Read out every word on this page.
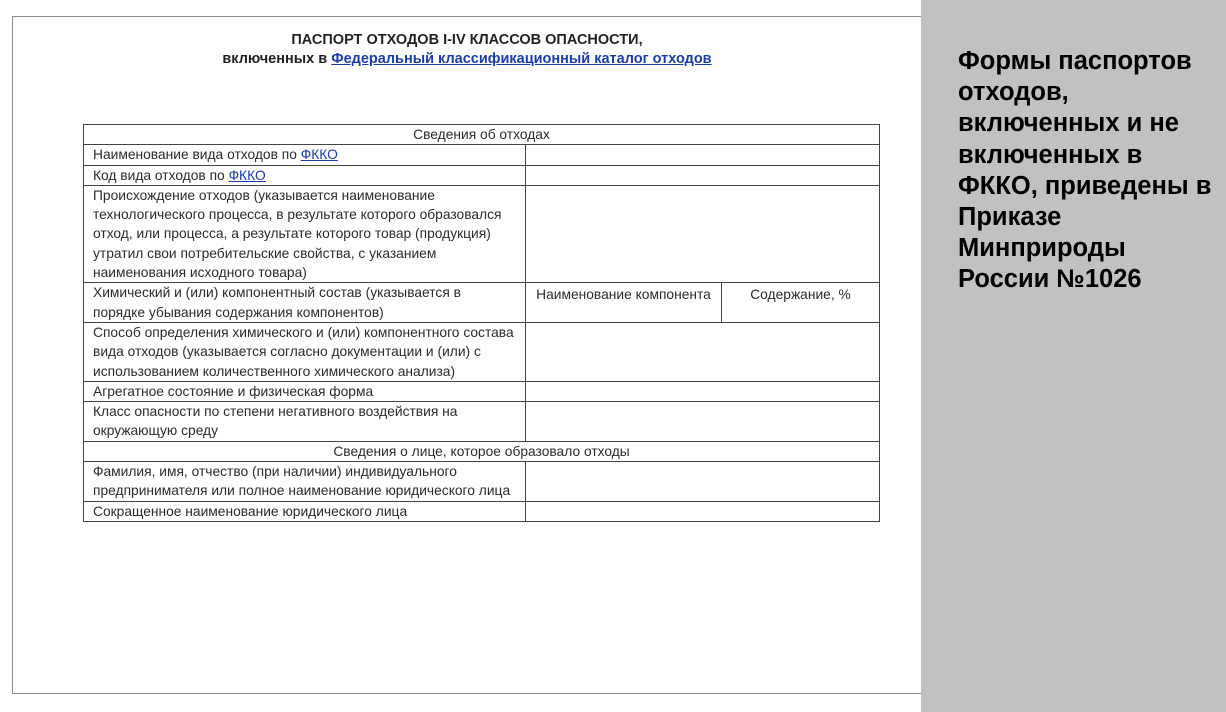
ПАСПОРТ ОТХОДОВ I-IV КЛАССОВ ОПАСНОСТИ,
включенных в Федеральный классификационный каталог отходов
Сведения об отходах		
Наименование вида отходов по ФККО		
Код вида отходов по ФККО		
Происхождение отходов (указывается наименование технологического процесса, в результате которого образовался отход, или процесса, а результате которого товар (продукция) утратил свои потребительские свойства, с указанием наименования исходного товара)		
Химический и (или) компонентный состав (указывается в порядке убывания содержания компонентов)	Наименование компонента	Содержание, %
Способ определения химического и (или) компонентного состава вида отходов (указывается согласно документации и (или) с использованием количественного химического анализа)		
Агрегатное состояние и физическая форма		
Класс опасности по степени негативного воздействия на окружающую среду		
Сведения о лице, которое образовало отходы		
Фамилия, имя, отчество (при наличии) индивидуального предпринимателя или полное наименование юридического лица		
Сокращенное наименование юридического лица		

Формы паспортов отходов, включенных и не включенных в ФККО, приведены в Приказе Минприроды России №1026
